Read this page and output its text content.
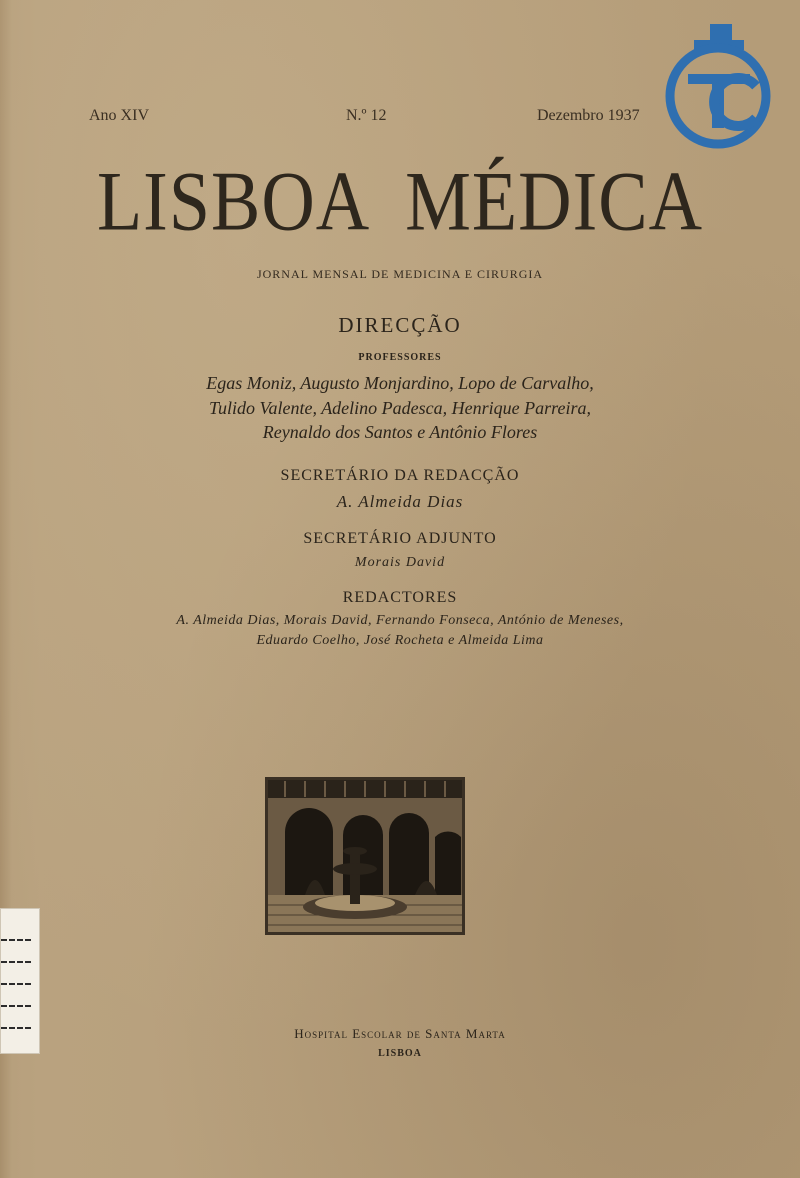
Ano XIV	N.º 12	Dezembro 1937
LISBOA  MÉDICA
JORNAL MENSAL DE MEDICINA E CIRURGIA
DIRECÇÃO
PROFESSORES
Egas Moniz, Augusto Monjardino, Lopo de Carvalho,
Tulido Valente, Adelino Padesca, Henrique Parreira,
Reynaldo dos Santos e Antônio Flores
SECRETÁRIO DA REDACÇÃO
A. Almeida Dias
SECRETÁRIO ADJUNTO
Morais David
REDACTORES
A. Almeida Dias, Morais David, Fernando Fonseca, António de Meneses,
Eduardo Coelho, José Rocheta e Almeida Lima
Hospital Escolar de Santa Marta
LISBOA
